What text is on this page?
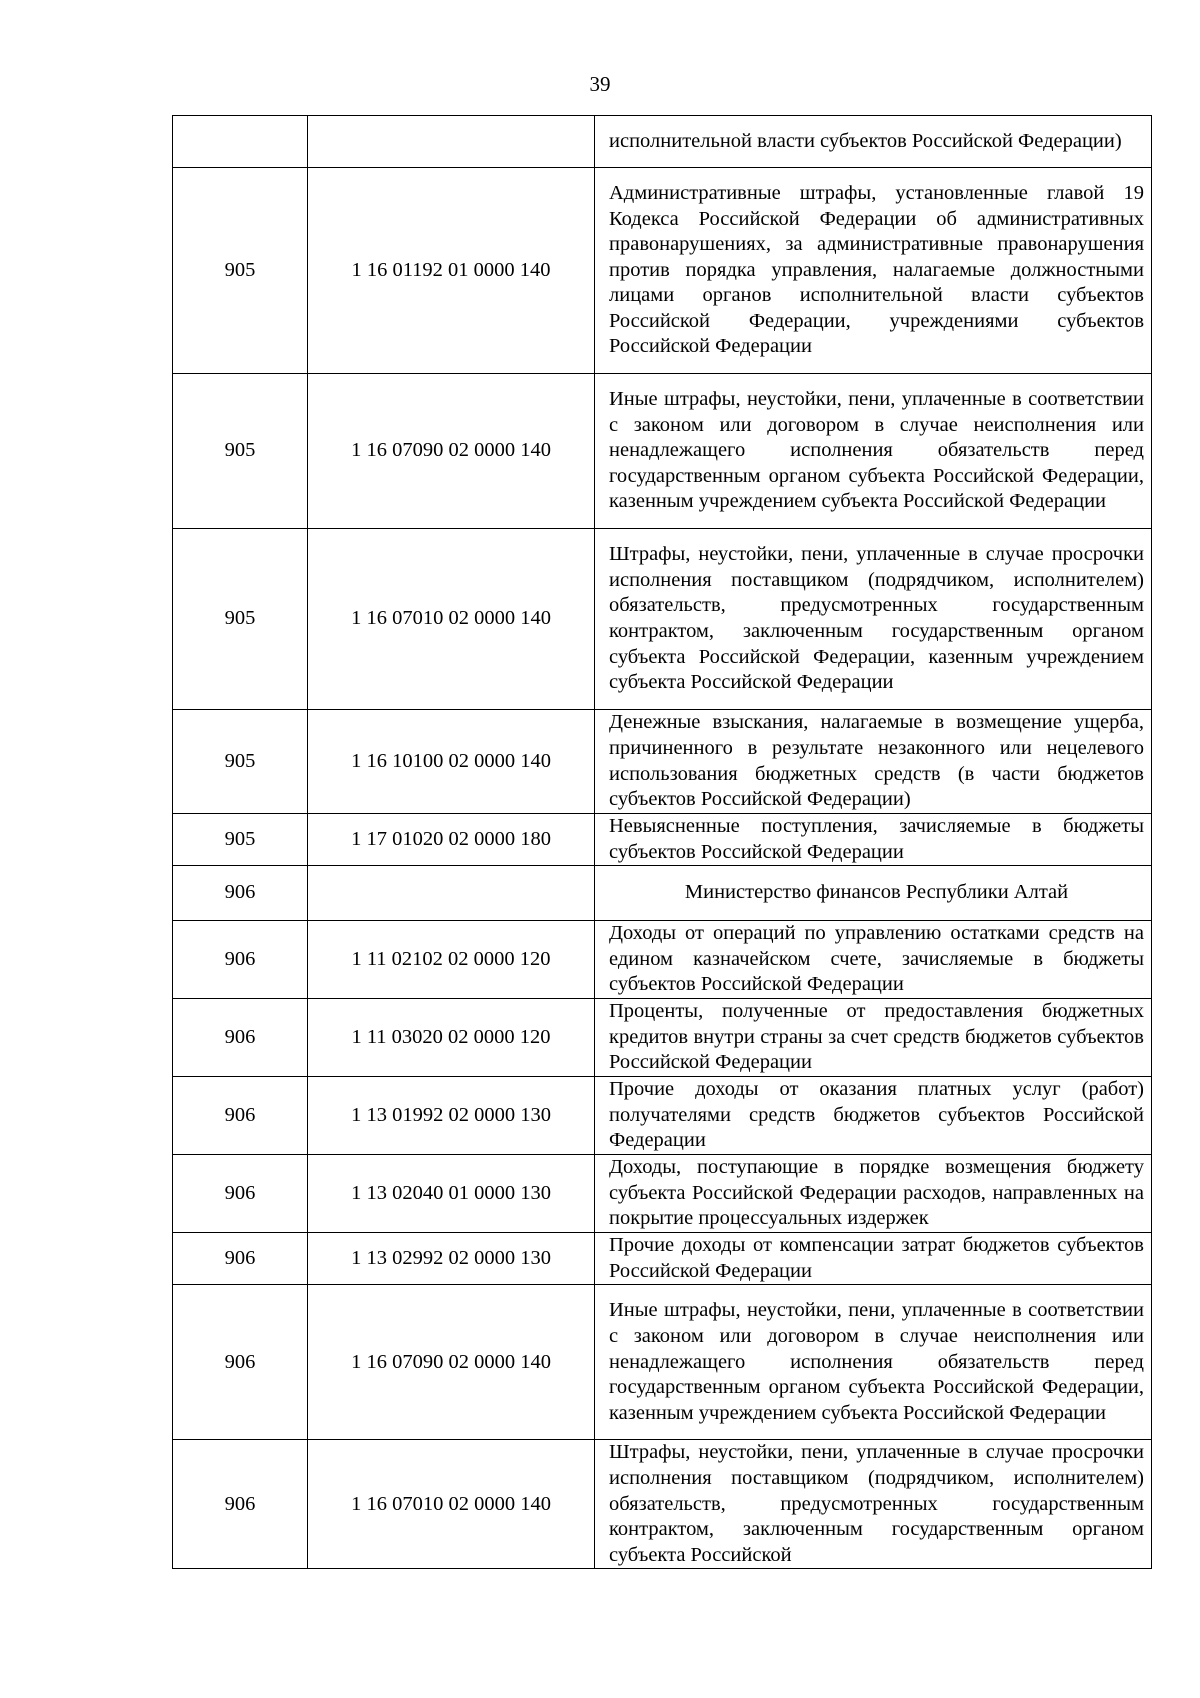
39
		исполнительной власти субъектов Российской Федерации)
905	1 16 01192 01 0000 140	Административные штрафы, установленные главой 19 Кодекса Российской Федерации об административных правонарушениях, за административные правонарушения против порядка управления, налагаемые должностными лицами органов исполнительной власти субъектов Российской Федерации, учреждениями субъектов Российской Федерации
905	1 16 07090 02 0000 140	Иные штрафы, неустойки, пени, уплаченные в соответствии с законом или договором в случае неисполнения или ненадлежащего исполнения обязательств перед государственным органом субъекта Российской Федерации, казенным учреждением субъекта Российской Федерации
905	1 16 07010 02 0000 140	Штрафы, неустойки, пени, уплаченные в случае просрочки исполнения поставщиком (подрядчиком, исполнителем) обязательств, предусмотренных государственным контрактом, заключенным государственным органом субъекта Российской Федерации, казенным учреждением субъекта Российской Федерации
905	1 16 10100 02 0000 140	Денежные взыскания, налагаемые в возмещение ущерба, причиненного в результате незаконного или нецелевого использования бюджетных средств (в части бюджетов субъектов Российской Федерации)
905	1 17 01020 02 0000 180	Невыясненные поступления, зачисляемые в бюджеты субъектов Российской Федерации
906		Министерство финансов Республики Алтай
906	1 11 02102 02 0000 120	Доходы от операций по управлению остатками средств на едином казначейском счете, зачисляемые в бюджеты субъектов Российской Федерации
906	1 11 03020 02 0000 120	Проценты, полученные от предоставления бюджетных кредитов внутри страны за счет средств бюджетов субъектов Российской Федерации
906	1 13 01992 02 0000 130	Прочие доходы от оказания платных услуг (работ) получателями средств бюджетов субъектов Российской Федерации
906	1 13 02040 01 0000 130	Доходы, поступающие в порядке возмещения бюджету субъекта Российской Федерации расходов, направленных на покрытие процессуальных издержек
906	1 13 02992 02 0000 130	Прочие доходы от компенсации затрат бюджетов субъектов Российской Федерации
906	1 16 07090 02 0000 140	Иные штрафы, неустойки, пени, уплаченные в соответствии с законом или договором в случае неисполнения или ненадлежащего исполнения обязательств перед государственным органом субъекта Российской Федерации, казенным учреждением субъекта Российской Федерации
906	1 16 07010 02 0000 140	Штрафы, неустойки, пени, уплаченные в случае просрочки исполнения поставщиком (подрядчиком, исполнителем) обязательств, предусмотренных государственным контрактом, заключенным государственным органом субъекта Российской
